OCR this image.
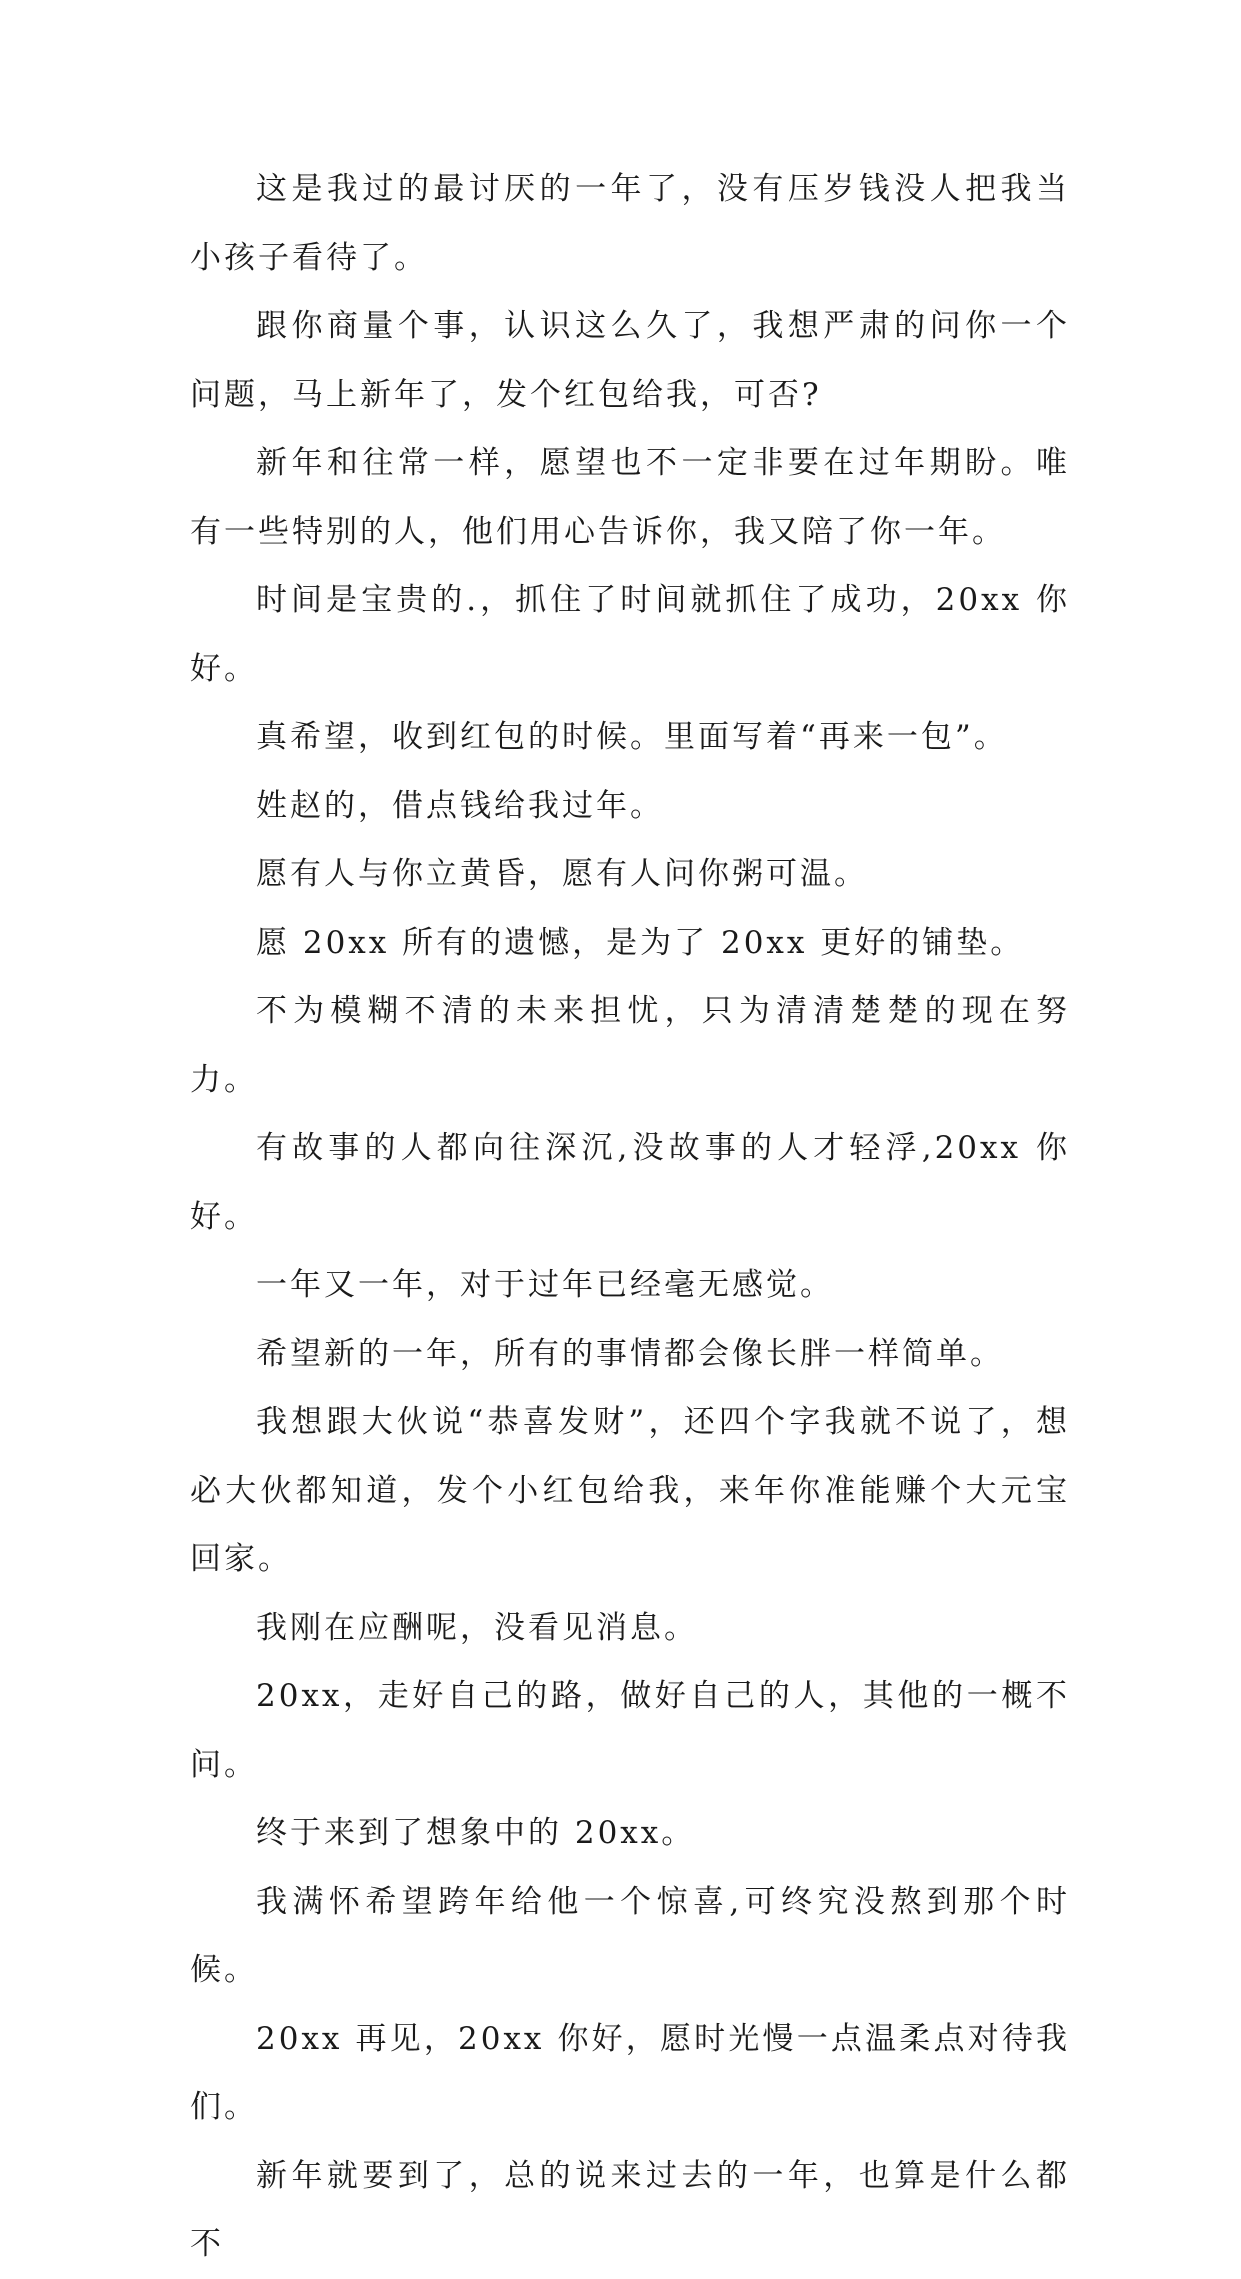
这是我过的最讨厌的一年了，没有压岁钱没人把我当小孩子看待了。

跟你商量个事，认识这么久了，我想严肃的问你一个问题，马上新年了，发个红包给我，可否?

新年和往常一样，愿望也不一定非要在过年期盼。唯有一些特别的人，他们用心告诉你，我又陪了你一年。

时间是宝贵的.，抓住了时间就抓住了成功，20xx 你好。

真希望，收到红包的时候。里面写着“再来一包”。

姓赵的，借点钱给我过年。

愿有人与你立黄昏，愿有人问你粥可温。

愿 20xx 所有的遗憾，是为了 20xx 更好的铺垫。

不为模糊不清的未来担忧，只为清清楚楚的现在努力。

有故事的人都向往深沉,没故事的人才轻浮,20xx 你好。

一年又一年，对于过年已经毫无感觉。

希望新的一年，所有的事情都会像长胖一样简单。

我想跟大伙说“恭喜发财”，还四个字我就不说了，想必大伙都知道，发个小红包给我，来年你准能赚个大元宝回家。

我刚在应酬呢，没看见消息。

20xx，走好自己的路，做好自己的人，其他的一概不问。

终于来到了想象中的 20xx。

我满怀希望跨年给他一个惊喜,可终究没熬到那个时候。

20xx 再见，20xx 你好，愿时光慢一点温柔点对待我们。

新年就要到了，总的说来过去的一年，也算是什么都不
